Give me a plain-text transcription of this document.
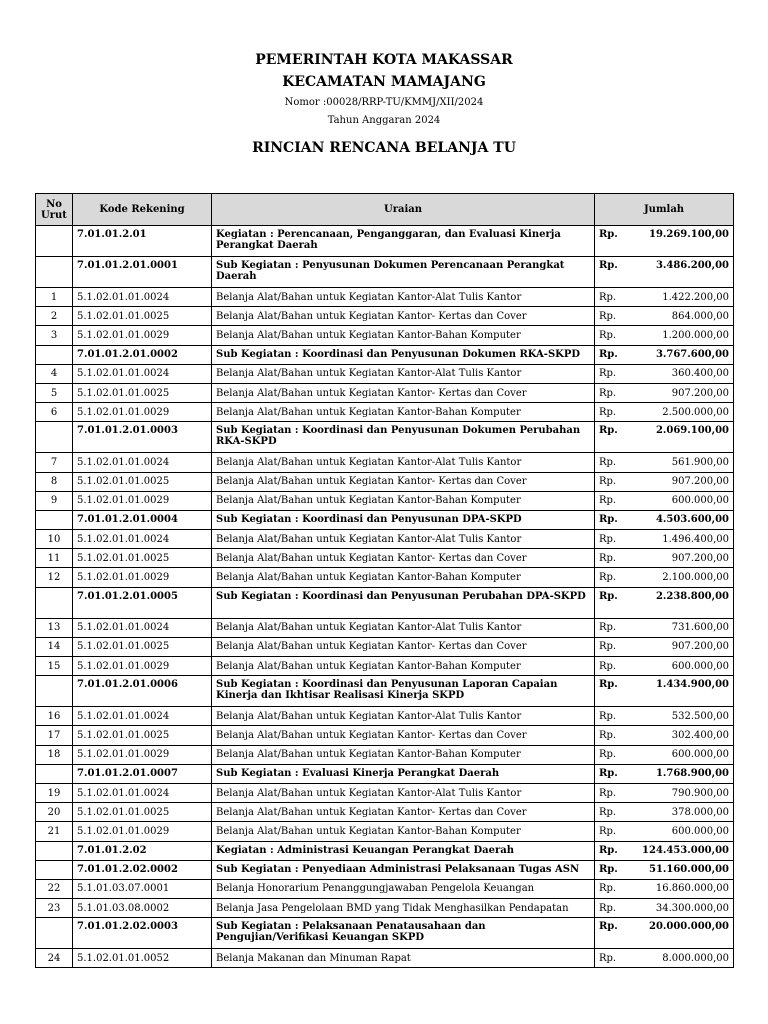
PEMERINTAH KOTA MAKASSAR
KECAMATAN MAMAJANG
Nomor :00028/RRP-TU/KMMJ/XII/2024
Tahun Anggaran 2024
RINCIAN RENCANA BELANJA TU
No Urut	Kode Rekening	Uraian	Jumlah	
	7.01.01.2.01	Kegiatan : Perencanaan, Penganggaran, dan Evaluasi Kinerja Perangkat Daerah	Rp.	19.269.100,00
	7.01.01.2.01.0001	Sub Kegiatan : Penyusunan Dokumen Perencanaan Perangkat Daerah	Rp.	3.486.200,00
1	5.1.02.01.01.0024	Belanja Alat/Bahan untuk Kegiatan Kantor-Alat Tulis Kantor	Rp.	1.422.200,00
2	5.1.02.01.01.0025	Belanja Alat/Bahan untuk Kegiatan Kantor- Kertas dan Cover	Rp.	864.000,00
3	5.1.02.01.01.0029	Belanja Alat/Bahan untuk Kegiatan Kantor-Bahan Komputer	Rp.	1.200.000,00
	7.01.01.2.01.0002	Sub Kegiatan : Koordinasi dan Penyusunan Dokumen RKA-SKPD	Rp.	3.767.600,00
4	5.1.02.01.01.0024	Belanja Alat/Bahan untuk Kegiatan Kantor-Alat Tulis Kantor	Rp.	360.400,00
5	5.1.02.01.01.0025	Belanja Alat/Bahan untuk Kegiatan Kantor- Kertas dan Cover	Rp.	907.200,00
6	5.1.02.01.01.0029	Belanja Alat/Bahan untuk Kegiatan Kantor-Bahan Komputer	Rp.	2.500.000,00
	7.01.01.2.01.0003	Sub Kegiatan : Koordinasi dan Penyusunan Dokumen Perubahan RKA-SKPD	Rp.	2.069.100,00
7	5.1.02.01.01.0024	Belanja Alat/Bahan untuk Kegiatan Kantor-Alat Tulis Kantor	Rp.	561.900,00
8	5.1.02.01.01.0025	Belanja Alat/Bahan untuk Kegiatan Kantor- Kertas dan Cover	Rp.	907.200,00
9	5.1.02.01.01.0029	Belanja Alat/Bahan untuk Kegiatan Kantor-Bahan Komputer	Rp.	600.000,00
	7.01.01.2.01.0004	Sub Kegiatan : Koordinasi dan Penyusunan DPA-SKPD	Rp.	4.503.600,00
10	5.1.02.01.01.0024	Belanja Alat/Bahan untuk Kegiatan Kantor-Alat Tulis Kantor	Rp.	1.496.400,00
11	5.1.02.01.01.0025	Belanja Alat/Bahan untuk Kegiatan Kantor- Kertas dan Cover	Rp.	907.200,00
12	5.1.02.01.01.0029	Belanja Alat/Bahan untuk Kegiatan Kantor-Bahan Komputer	Rp.	2.100.000,00
	7.01.01.2.01.0005	Sub Kegiatan : Koordinasi dan Penyusunan Perubahan DPA-SKPD	Rp.	2.238.800,00
13	5.1.02.01.01.0024	Belanja Alat/Bahan untuk Kegiatan Kantor-Alat Tulis Kantor	Rp.	731.600,00
14	5.1.02.01.01.0025	Belanja Alat/Bahan untuk Kegiatan Kantor- Kertas dan Cover	Rp.	907.200,00
15	5.1.02.01.01.0029	Belanja Alat/Bahan untuk Kegiatan Kantor-Bahan Komputer	Rp.	600.000,00
	7.01.01.2.01.0006	Sub Kegiatan : Koordinasi dan Penyusunan Laporan Capaian Kinerja dan Ikhtisar Realisasi Kinerja SKPD	Rp.	1.434.900,00
16	5.1.02.01.01.0024	Belanja Alat/Bahan untuk Kegiatan Kantor-Alat Tulis Kantor	Rp.	532.500,00
17	5.1.02.01.01.0025	Belanja Alat/Bahan untuk Kegiatan Kantor- Kertas dan Cover	Rp.	302.400,00
18	5.1.02.01.01.0029	Belanja Alat/Bahan untuk Kegiatan Kantor-Bahan Komputer	Rp.	600.000,00
	7.01.01.2.01.0007	Sub Kegiatan : Evaluasi Kinerja Perangkat Daerah	Rp.	1.768.900,00
19	5.1.02.01.01.0024	Belanja Alat/Bahan untuk Kegiatan Kantor-Alat Tulis Kantor	Rp.	790.900,00
20	5.1.02.01.01.0025	Belanja Alat/Bahan untuk Kegiatan Kantor- Kertas dan Cover	Rp.	378.000,00
21	5.1.02.01.01.0029	Belanja Alat/Bahan untuk Kegiatan Kantor-Bahan Komputer	Rp.	600.000,00
	7.01.01.2.02	Kegiatan : Administrasi Keuangan Perangkat Daerah	Rp.	124.453.000,00
	7.01.01.2.02.0002	Sub Kegiatan : Penyediaan Administrasi Pelaksanaan Tugas ASN	Rp.	51.160.000,00
22	5.1.01.03.07.0001	Belanja Honorarium Penanggungjawaban Pengelola Keuangan	Rp.	16.860.000,00
23	5.1.01.03.08.0002	Belanja Jasa Pengelolaan BMD yang Tidak Menghasilkan Pendapatan	Rp.	34.300.000,00
	7.01.01.2.02.0003	Sub Kegiatan : Pelaksanaan Penatausahaan dan Pengujian/Verifikasi Keuangan SKPD	Rp.	20.000.000,00
24	5.1.02.01.01.0052	Belanja Makanan dan Minuman Rapat	Rp.	8.000.000,00
